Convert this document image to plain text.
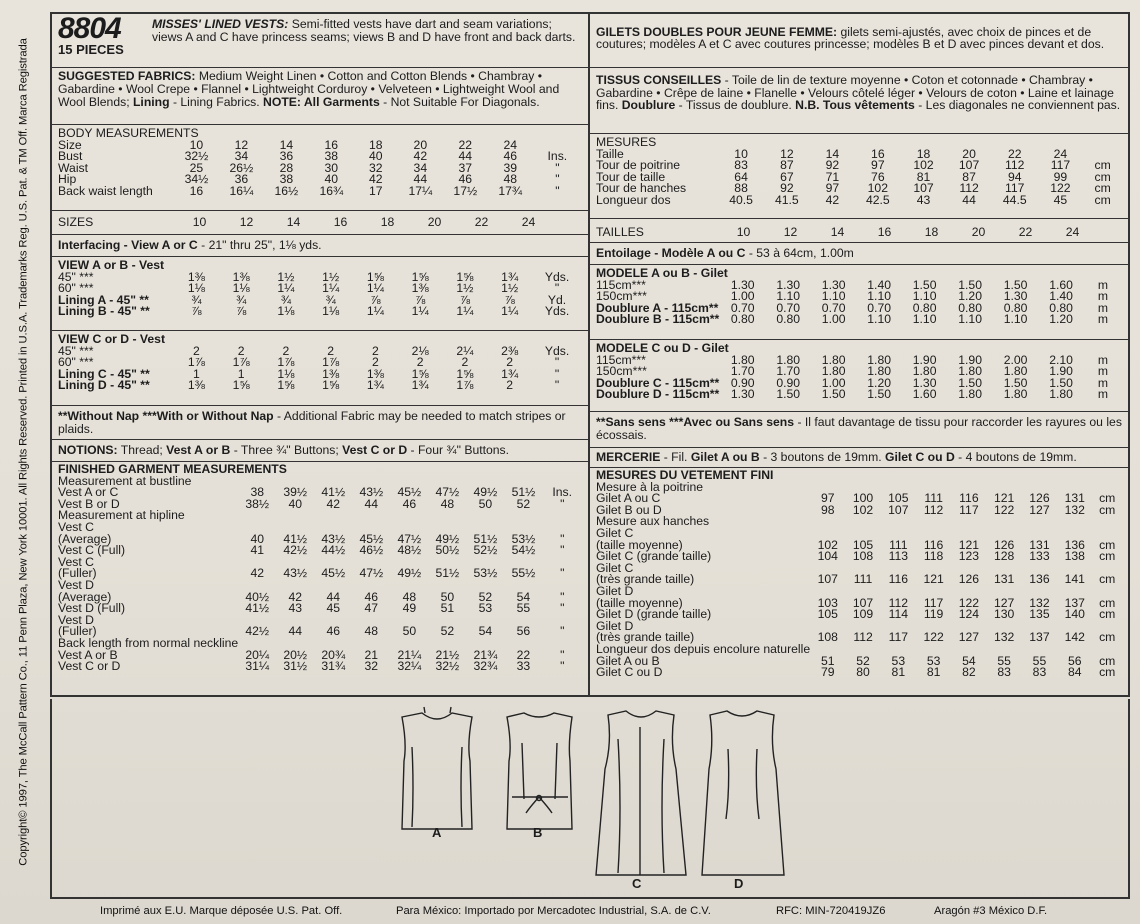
Copyright© 1997, The McCall Pattern Co., 11 Penn Plaza, New York 10001. All Rights Reserved. Printed in U.S.A. Trademarks Reg. U.S. Pat. & TM Off. Marca Registrada
8804
15 PIECES
MISSES' LINED VESTS: Semi-fitted vests have dart and seam variations; views A and C have princess seams; views B and D have front and back darts.
SUGGESTED FABRICS: Medium Weight Linen • Cotton and Cotton Blends • Chambray • Gabardine • Wool Crepe • Flannel • Lightweight Corduroy • Velveteen • Lightweight Wool and Wool Blends; Lining - Lining Fabrics. NOTE: All Garments - Not Suitable For Diagonals.
BODY MEASUREMENTS
Size	10	12	14	16	18	20	22	24	
Bust	32½	34	36	38	40	42	44	46	Ins.
Waist	25	26½	28	30	32	34	37	39	"
Hip	34½	36	38	40	42	44	46	48	"
Back waist length	16	16¼	16½	16¾	17	17¼	17½	17¾	"
SIZES	10	12	14	16	18	20	22	24
Interfacing - View A or C - 21" thru 25", 1⅛ yds.
VIEW A or B - Vest
45" ***	1⅜	1⅜	1½	1½	1⅝	1⅝	1⅝	1¾	Yds.
60" ***	1⅛	1⅛	1¼	1¼	1¼	1⅜	1½	1½	"
Lining A - 45" **	¾	¾	¾	¾	⅞	⅞	⅞	⅞	Yd.
Lining B - 45" **	⅞	⅞	1⅛	1⅛	1¼	1¼	1¼	1¼	Yds.
VIEW C or D - Vest
45" ***	2	2	2	2	2	2⅛	2¼	2⅜	Yds.
60" ***	1⅞	1⅞	1⅞	1⅞	2	2	2	2	"
Lining C - 45" **	1	1	1⅛	1⅜	1⅜	1⅝	1⅝	1¾	"
Lining D - 45" **	1⅜	1⅝	1⅝	1⅝	1¾	1¾	1⅞	2	"
**Without Nap ***With or Without Nap - Additional Fabric may be needed to match stripes or plaids.
NOTIONS: Thread; Vest A or B - Three ¾" Buttons; Vest C or D - Four ¾" Buttons.
FINISHED GARMENT MEASUREMENTS
Measurement at bustline									
Vest A or C	38	39½	41½	43½	45½	47½	49½	51½	Ins.
Vest B or D	38½	40	42	44	46	48	50	52	"
Measurement at hipline									
Vest C									
(Average)	40	41½	43½	45½	47½	49½	51½	53½	"
Vest C (Full)	41	42½	44½	46½	48½	50½	52½	54½	"
Vest C									
(Fuller)	42	43½	45½	47½	49½	51½	53½	55½	"
Vest D									
(Average)	40½	42	44	46	48	50	52	54	"
Vest D (Full)	41½	43	45	47	49	51	53	55	"
Vest D									
(Fuller)	42½	44	46	48	50	52	54	56	"
Back length from normal neckline									
Vest A or B	20¼	20½	20¾	21	21¼	21½	21¾	22	"
Vest C or D	31¼	31½	31¾	32	32¼	32½	32¾	33	"
GILETS DOUBLES POUR JEUNE FEMME: gilets semi-ajustés, avec choix de pinces et de coutures; modèles A et C avec coutures princesse; modèles B et D avec pinces devant et dos.
TISSUS CONSEILLES - Toile de lin de texture moyenne • Coton et cotonnade • Chambray • Gabardine • Crêpe de laine • Flanelle • Velours côtelé léger • Velours de coton • Laine et lainage fins. Doublure - Tissus de doublure. N.B. Tous vêtements - Les diagonales ne conviennent pas.
MESURES
Taille	10	12	14	16	18	20	22	24	
Tour de poitrine	83	87	92	97	102	107	112	117	cm
Tour de taille	64	67	71	76	81	87	94	99	cm
Tour de hanches	88	92	97	102	107	112	117	122	cm
Longueur dos	40.5	41.5	42	42.5	43	44	44.5	45	cm
TAILLES	10	12	14	16	18	20	22	24
Entoilage - Modèle A ou C - 53 à 64cm, 1.00m
MODELE A ou B - Gilet
115cm***	1.30	1.30	1.30	1.40	1.50	1.50	1.50	1.60	m
150cm***	1.00	1.10	1.10	1.10	1.10	1.20	1.30	1.40	m
Doublure A - 115cm**	0.70	0.70	0.70	0.70	0.80	0.80	0.80	0.80	m
Doublure B - 115cm**	0.80	0.80	1.00	1.10	1.10	1.10	1.10	1.20	m
MODELE C ou D - Gilet
115cm***	1.80	1.80	1.80	1.80	1.90	1.90	2.00	2.10	m
150cm***	1.70	1.70	1.80	1.80	1.80	1.80	1.80	1.90	m
Doublure C - 115cm**	0.90	0.90	1.00	1.20	1.30	1.50	1.50	1.50	m
Doublure D - 115cm**	1.30	1.50	1.50	1.50	1.60	1.80	1.80	1.80	m
**Sans sens ***Avec ou Sans sens - Il faut davantage de tissu pour raccorder les rayures ou les écossais.
MERCERIE - Fil. Gilet A ou B - 3 boutons de 19mm. Gilet C ou D - 4 boutons de 19mm.
MESURES DU VETEMENT FINI
Mesure à la poitrine									
Gilet A ou C	97	100	105	111	116	121	126	131	cm
Gilet B ou D	98	102	107	112	117	122	127	132	cm
Mesure aux hanches									
Gilet C									
(taille moyenne)	102	105	111	116	121	126	131	136	cm
Gilet C (grande taille)	104	108	113	118	123	128	133	138	cm
Gilet C									
(très grande taille)	107	111	116	121	126	131	136	141	cm
Gilet D									
(taille moyenne)	103	107	112	117	122	127	132	137	cm
Gilet D (grande taille)	105	109	114	119	124	130	135	140	cm
Gilet D									
(très grande taille)	108	112	117	122	127	132	137	142	cm
Longueur dos depuis encolure naturelle									
Gilet A ou B	51	52	53	53	54	55	55	56	cm
Gilet C ou D	79	80	81	81	82	83	83	84	cm
A	B
C	D
Imprimé aux E.U. Marque déposée U.S. Pat. Off.	Para México: Importado por Mercadotec Industrial, S.A. de C.V.	RFC: MIN-720419JZ6	Aragón #3 México D.F.
